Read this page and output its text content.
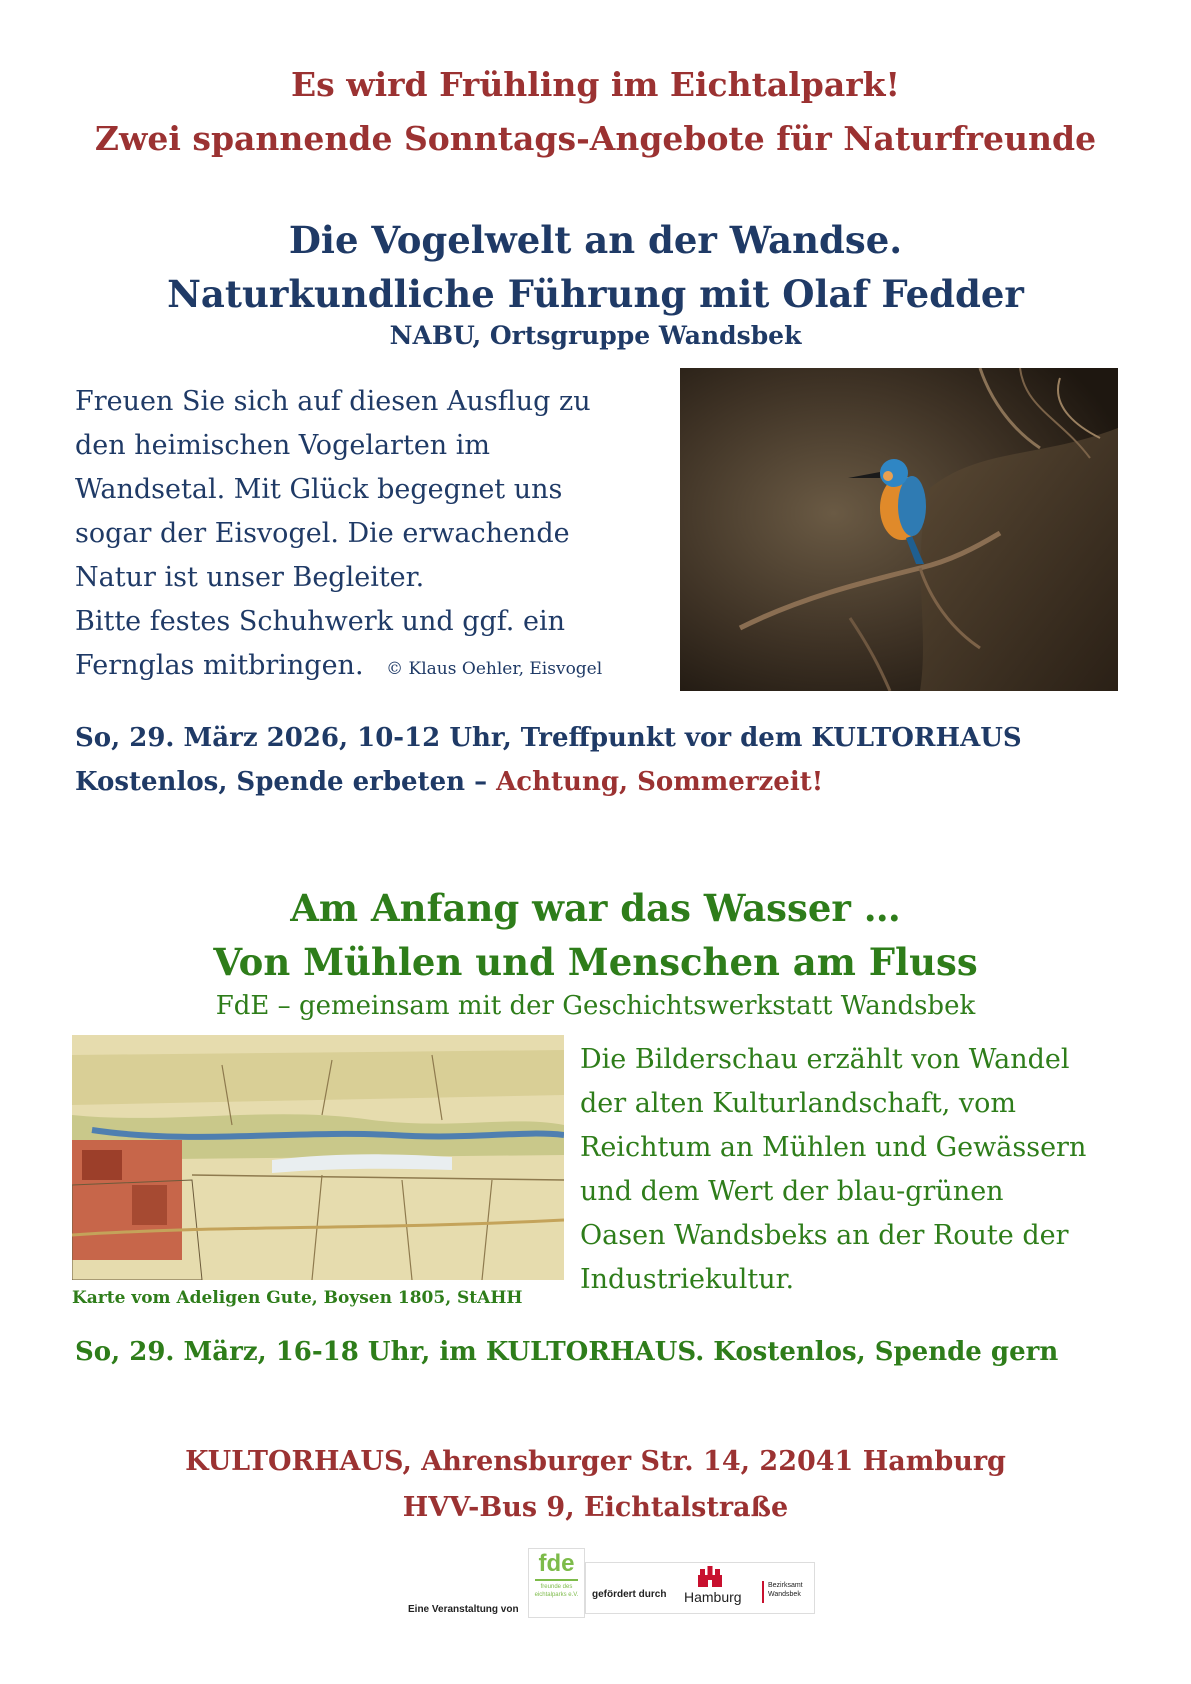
Es wird Frühling im Eichtalpark!
Zwei spannende Sonntags-Angebote für Naturfreunde
Die Vogelwelt an der Wandse.
Naturkundliche Führung mit Olaf Fedder
NABU, Ortsgruppe Wandsbek
Freuen Sie sich auf diesen Ausflug zu
den heimischen Vogelarten im
Wandsetal. Mit Glück begegnet uns
sogar der Eisvogel. Die erwachende
Natur ist unser Begleiter.
Bitte festes Schuhwerk und ggf. ein
Fernglas mitbringen. © Klaus Oehler, Eisvogel
So, 29. März 2026, 10-12 Uhr, Treffpunkt vor dem KULTORHAUS
Kostenlos, Spende erbeten – Achtung, Sommerzeit!
Am Anfang war das Wasser …
Von Mühlen und Menschen am Fluss
FdE – gemeinsam mit der Geschichtswerkstatt Wandsbek
Karte vom Adeligen Gute, Boysen 1805, StAHH
Die Bilderschau erzählt von Wandel
der alten Kulturlandschaft, vom
Reichtum an Mühlen und Gewässern
und dem Wert der blau-grünen
Oasen Wandsbeks an der Route der
Industriekultur.
So, 29. März, 16-18 Uhr, im KULTORHAUS. Kostenlos, Spende gern
KULTORHAUS, Ahrensburger Str. 14, 22041 Hamburg
HVV-Bus 9, Eichtalstraße
Eine Veranstaltung von
fde
freunde des eichtalparks e.V.	gefördert durch Hamburg
Bezirksamt Wandsbek
